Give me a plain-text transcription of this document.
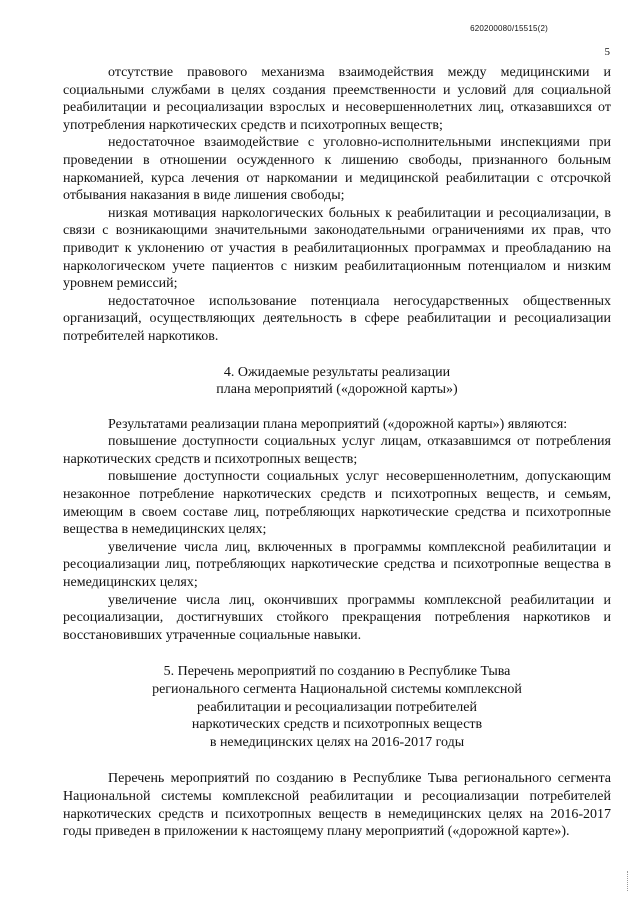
620200080/15515(2)
5

отсутствие правового механизма взаимодействия между медицинскими и социальными службами в целях создания преемственности и условий для социальной реабилитации и ресоциализации взрослых и несовершеннолетних лиц, отказавшихся от употребления наркотических средств и психотропных веществ;

недостаточное взаимодействие с уголовно-исполнительными инспекциями при проведении в отношении осужденного к лишению свободы, признанного больным наркоманией, курса лечения от наркомании и медицинской реабилитации с отсрочкой отбывания наказания в виде лишения свободы;

низкая мотивация наркологических больных к реабилитации и ресоциализации, в связи с возникающими значительными законодательными ограничениями их прав, что приводит к уклонению от участия в реабилитационных программах и преобладанию на наркологическом учете пациентов с низким реабилитационным потенциалом и низким уровнем ремиссий;

недостаточное использование потенциала негосударственных общественных организаций, осуществляющих деятельность в сфере реабилитации и ресоциализации потребителей наркотиков.

4. Ожидаемые результаты реализации
плана мероприятий («дорожной карты»)

Результатами реализации плана мероприятий («дорожной карты») являются:

повышение доступности социальных услуг лицам, отказавшимся от потребления наркотических средств и психотропных веществ;

повышение доступности социальных услуг несовершеннолетним, допускающим незаконное потребление наркотических средств и психотропных веществ, и семьям, имеющим в своем составе лиц, потребляющих наркотические средства и психотропные вещества в немедицинских целях;

увеличение числа лиц, включенных в программы комплексной реабилитации и ресоциализации лиц, потребляющих наркотические средства и психотропные вещества в немедицинских целях;

увеличение числа лиц, окончивших программы комплексной реабилитации и ресоциализации, достигнувших стойкого прекращения потребления наркотиков и восстановивших утраченные социальные навыки.

5. Перечень мероприятий по созданию в Республике Тыва
регионального сегмента Национальной системы комплексной
реабилитации и ресоциализации потребителей
наркотических средств и психотропных веществ
в немедицинских целях на 2016-2017 годы

Перечень мероприятий по созданию в Республике Тыва регионального сегмента Национальной системы комплексной реабилитации и ресоциализации потребителей наркотических средств и психотропных веществ в немедицинских целях на 2016-2017 годы приведен в приложении к настоящему плану мероприятий («дорожной карте»).
